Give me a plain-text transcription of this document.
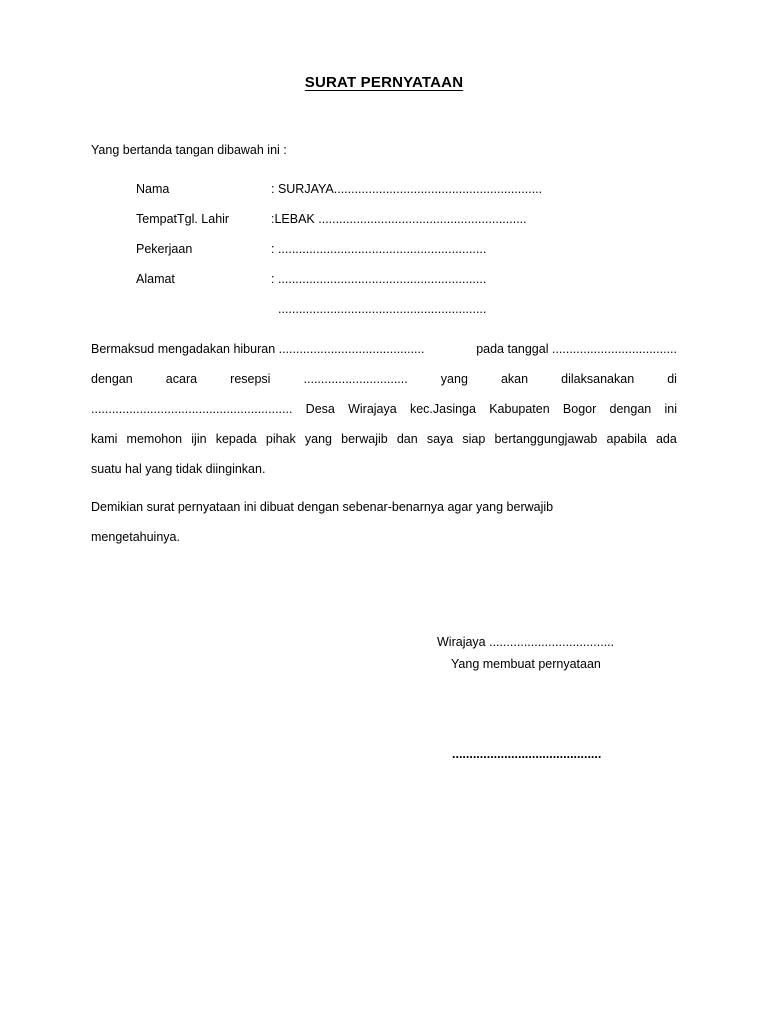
SURAT PERNYATAAN
Yang bertanda tangan dibawah ini :
Nama	: SURJAYA............................................................
TempatTgl. Lahir	:LEBAK ............................................................
Pekerjaan	: ............................................................
Alamat	: ............................................................
............................................................
Bermaksud mengadakan hiburan ..........................................	pada tanggal ....................................
dengan	acara	resepsi	..............................	yang	akan	dilaksanakan	di
.......................................................... Desa Wirajaya kec.Jasinga Kabupaten Bogor dengan ini
kami memohon ijin kepada pihak yang berwajib dan saya siap bertanggungjawab apabila ada
suatu hal yang tidak diinginkan.
Demikian surat pernyataan ini dibuat dengan sebenar-benarnya agar yang berwajib
mengetahuinya.
Wirajaya ....................................
Yang membuat pernyataan
...........................................
